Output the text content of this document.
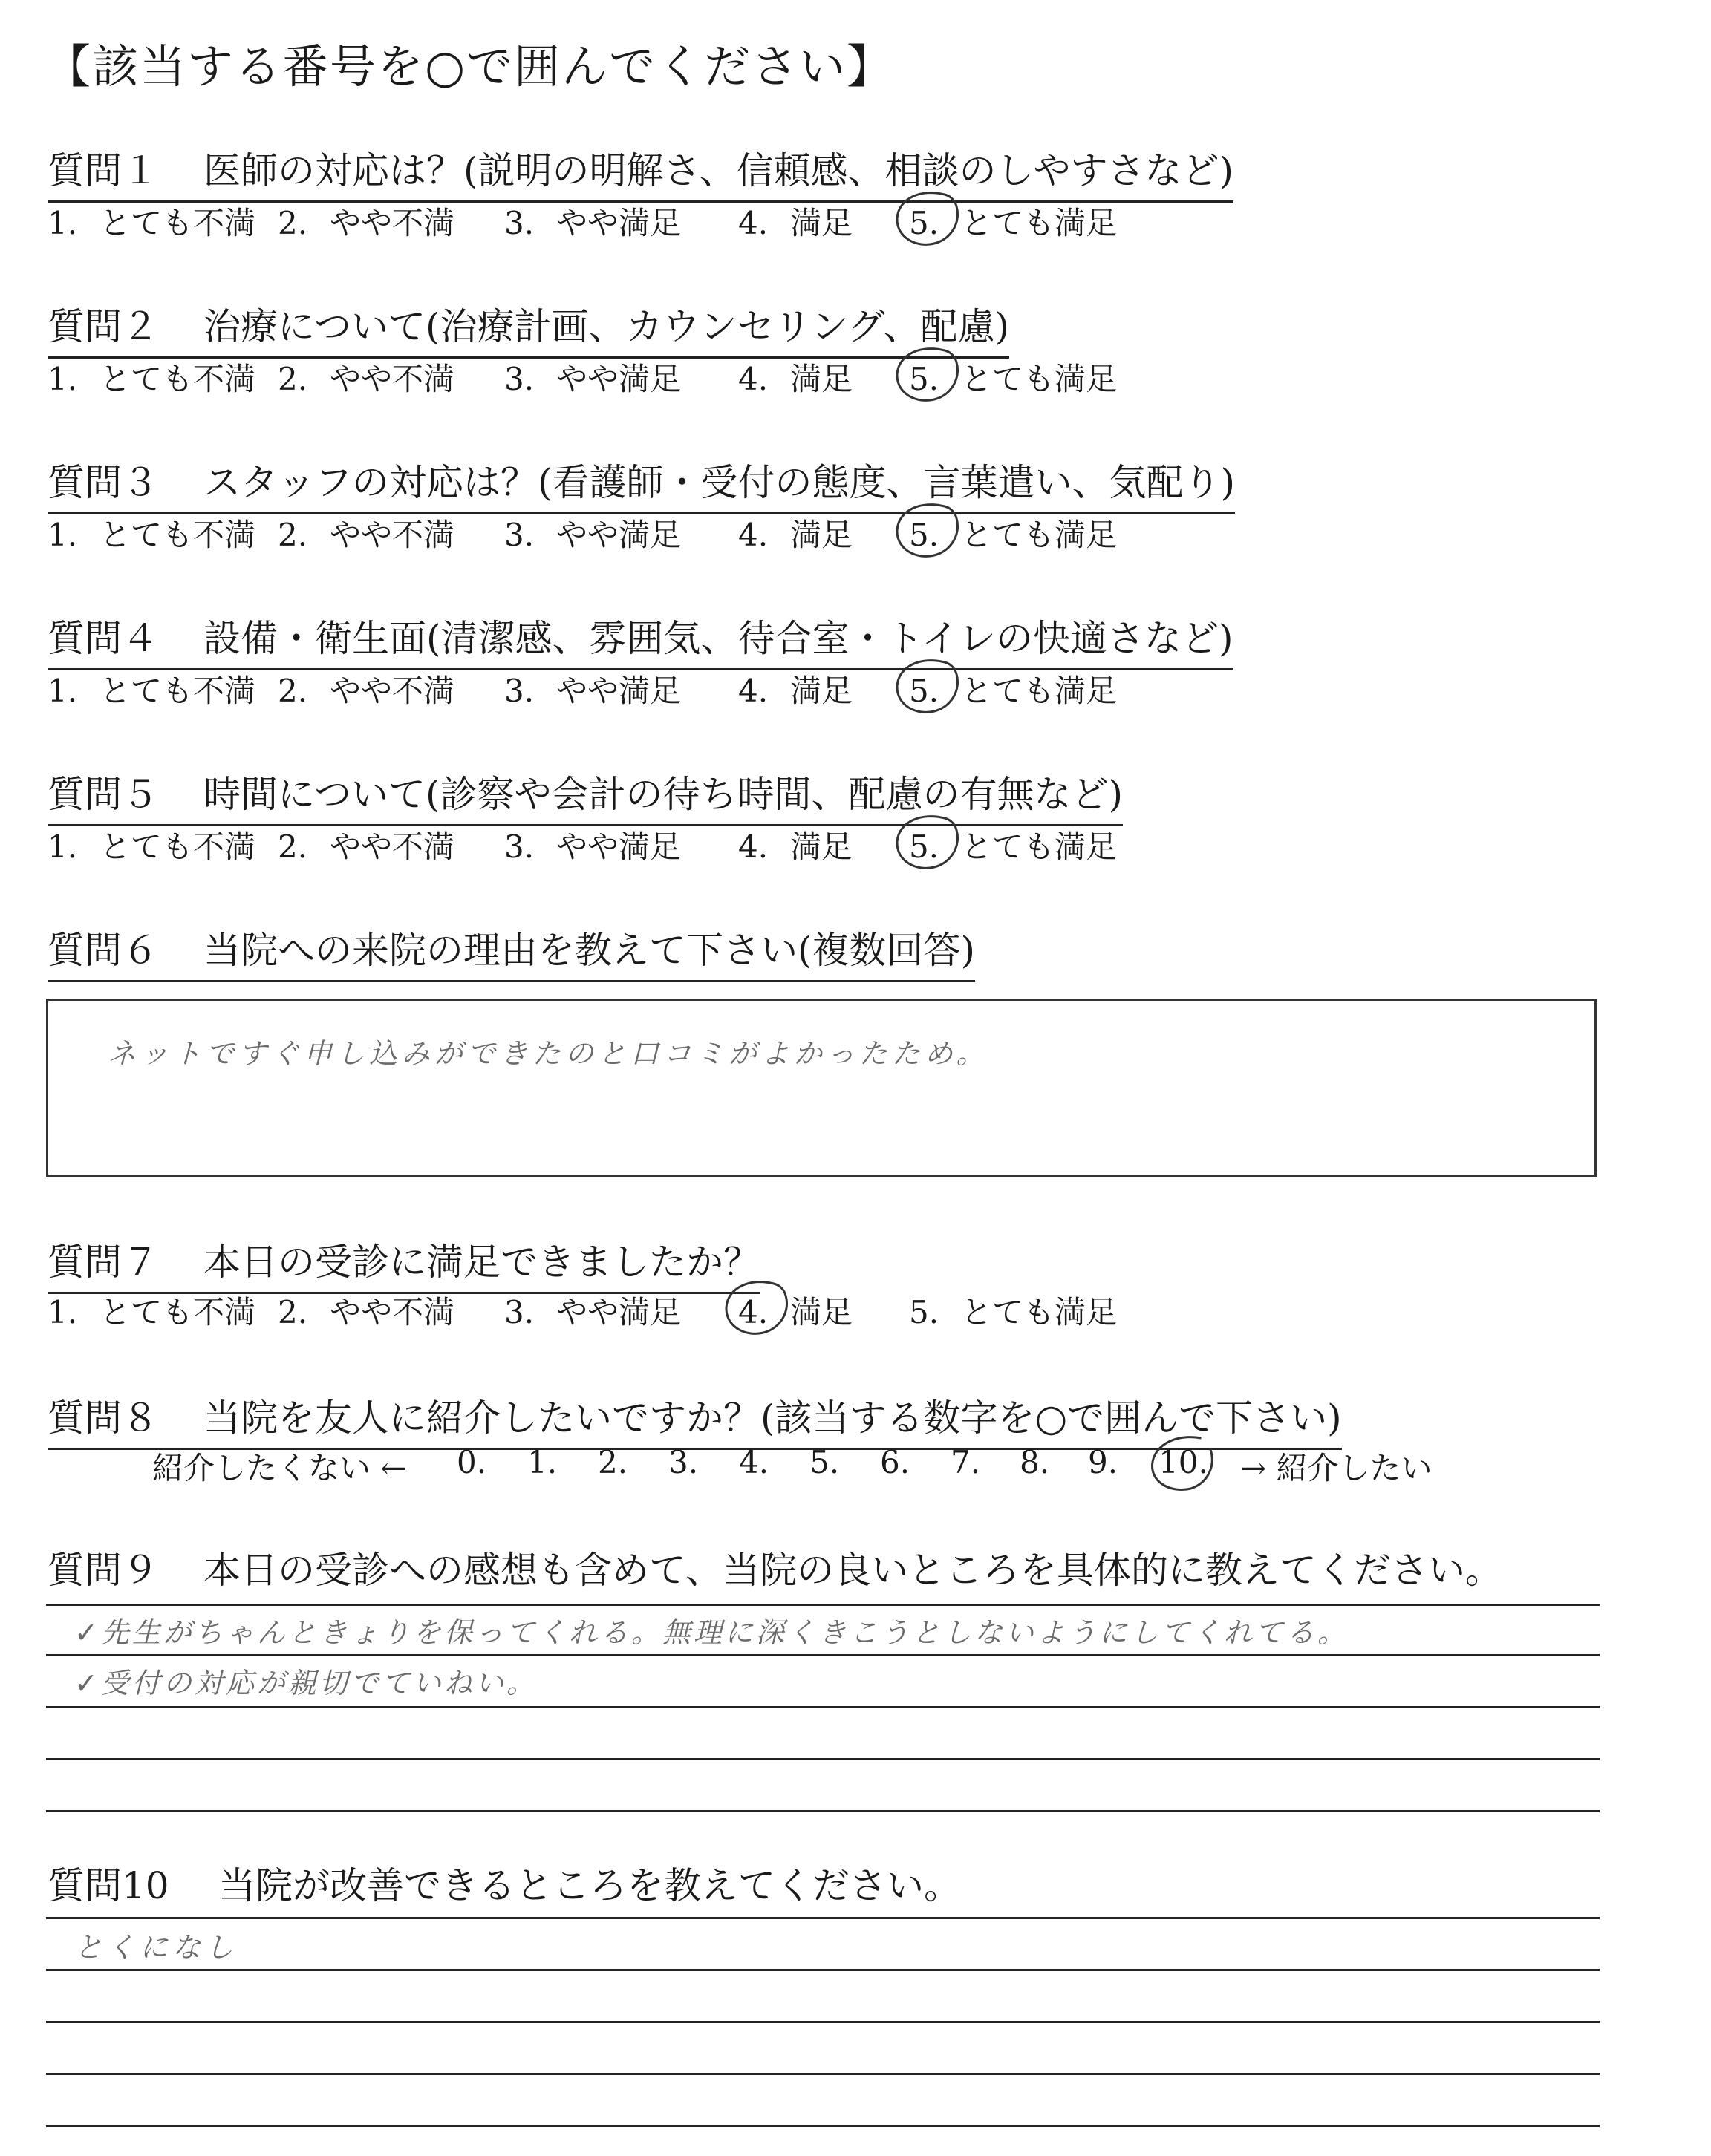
【該当する番号を○で囲んでください】
質問１ 医師の対応は？(説明の明解さ、信頼感、相談のしやすさなど)
1. とても不満 2. やや不満 3. やや満足 4. 満足 5. とても満足
質問２ 治療について(治療計画、カウンセリング、配慮)
1. とても不満 2. やや不満 3. やや満足 4. 満足 5. とても満足
質問３ スタッフの対応は？(看護師・受付の態度、言葉遣い、気配り)
1. とても不満 2. やや不満 3. やや満足 4. 満足 5. とても満足
質問４ 設備・衛生面(清潔感、雰囲気、待合室・トイレの快適さなど)
1. とても不満 2. やや不満 3. やや満足 4. 満足 5. とても満足
質問５ 時間について(診察や会計の待ち時間、配慮の有無など)
1. とても不満 2. やや不満 3. やや満足 4. 満足 5. とても満足
質問６ 当院への来院の理由を教えて下さい(複数回答)
ネットですぐ申し込みができたのと口コミがよかったため。
質問７ 本日の受診に満足できましたか？
1. とても不満 2. やや不満 3. やや満足 4. 満足 5. とても満足
質問８ 当院を友人に紹介したいですか？(該当する数字を○で囲んで下さい)
紹介したくない ←	→ 紹介したい
0. 1. 2. 3. 4. 5. 6. 7. 8. 9. 10.
質問９ 本日の受診への感想も含めて、当院の良いところを具体的に教えてください。
✓先生がちゃんときょりを保ってくれる。無理に深くきこうとしないようにしてくれてる。
✓受付の対応が親切でていねい。
質問10 当院が改善できるところを教えてください。
とくになし
